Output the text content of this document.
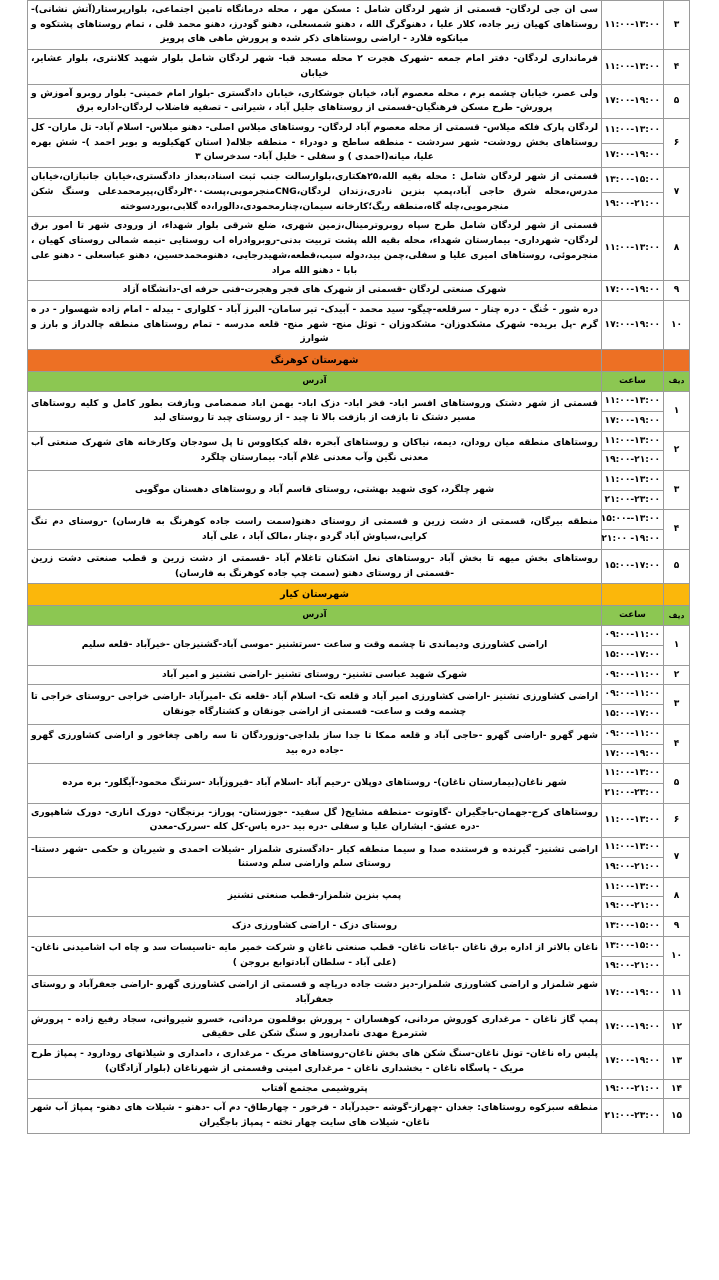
۳	۱۱:۰۰-۱۳:۰۰	سی ان جی لردگان- قسمتی از شهر لردگان شامل : مسکن مهر ، محله درمانگاه تامین اجتماعی، بلوارپرستار(آتش نشانی)-روستاهای کهیان زیر جاده، کلار علیا ، دهنوگرگ الله ، دهنو شمسعلی، دهنو گودرز، دهنو محمد قلی ، تمام روستاهای پشتکوه و میانکوه فلارد - اراضی روستاهای ذکر شده و پرورش ماهی های پرویز
۴	۱۱:۰۰-۱۳:۰۰	فرمانداری لردگان- دفتر امام جمعه -شهرک هجرت ۲ محله مسجد قبا- شهر لردگان شامل بلوار شهید کلانتری، بلوار عشایر، خیابان
۵	۱۷:۰۰-۱۹:۰۰	ولی عصر، خیابان چشمه برم ، محله معصوم آباد، خیابان جوشکاری، خیابان دادگستری -بلوار امام خمینی- بلوار روبرو آموزش و پرورش- طرح مسکن فرهنگیان-قسمتی از روستاهای جلیل آباد ، شیرانی - تصفیه فاضلاب لردگان-اداره برق
۶	۱۱:۰۰-۱۳:۰۰	لردگان پارک فلکه میلاس- قسمتی از محله معصوم آباد لردگان- روستاهای میلاس اصلی- دهنو میلاس- اسلام آباد- تل ماران- کل روستاهای بخش رودشت- شهر سردشت - منطقه ساطح و دودراء - منطقه جلاله( استان کهکیلویه و بویر احمد )- شش بهره علیا، میانه(احمدی ) و سفلی - خلیل آباد- سدخرسان ۳
	۱۷:۰۰-۱۹:۰۰	
۷	۱۳:۰۰-۱۵:۰۰	قسمتی از شهر لردگان شامل : محله بقیه الله،۲۵هکتاری،بلوارسالت جنب ثبت اسناد،بعداز دادگستری،خیابان جانبازان،خیابان مدرس،محله شرق حاجی آباد،پمپ بنزین نادری،زندان لردگان،CNGمنجرموبی،پست۴۰۰لردگان،پیرمحمدعلی وسنگ شکن منجرمویی،چله گاه،منطقه ریگ؛کارخانه سیمان،چنارمحمودی،دالورا،ده گلابی،بوردسوخته
	۱۹:۰۰-۲۱:۰۰	
۸	۱۱:۰۰-۱۳:۰۰	قسمتی از شهر لردگان شامل طرح سپاه روبروترمینال،زمین شهری، ضلع شرقی بلوار شهداء، از ورودی شهر تا امور برق لردگان- شهرداری- بیمارستان شهداء، محله بقیه الله پشت تربیت بدنی-روبروادراه اب روستایی -نیمه شمالی روستای کهیان ، منجرموئی، روستاهای امیری علیا و سفلی،چمن بید،دوله سیب،قطعه،شهیدرجایی، دهنومحمدحسین، دهنو عباسعلی - دهنو علی بابا - دهنو الله مراد
۹	۱۷:۰۰-۱۹:۰۰	شهرک صنعتی لردگان -قسمتی از شهرک های فجر وهجرت-فنی حرفه ای-دانشگاه آزاد
۱۰	۱۷:۰۰-۱۹:۰۰	دره شور - خُنگ - دره چنار - سرقلعه-چیگو- سید محمد - آبیدک- تیر سامان- البرز آباد - کلواری - بیدله - امام زاده شهسوار - در ه گرم -پل بریده- شهرک مشکدوزان- مشکدوزان - توئل منج- شهر منج- قلعه مدرسه - تمام روستاهای منطقه چالدراز و بارز و شوارز
		شهرستان کوهرنگ
دیف	ساعت	آدرس
۱	۱۱:۰۰-۱۳:۰۰	قسمتی از شهر دشتک وروستاهای افسر اباد- فخر اباد- دزک اباد- بهمن اباد صمصامی وبازفت بطور کامل و کلیه روستاهای مسیر دشتک تا بازفت از بازفت بالا تا چبد - از روستای چبد تا روستای لبد
	۱۷:۰۰-۱۹:۰۰	
۲	۱۱:۰۰-۱۳:۰۰	روستاهای منطقه میان رودان، دیمه، نیاکان و روستاهای آبحره ،قله کیکاووس تا پل سودجان وکارخانه های شهرک صنعتی آب معدنی نگین وآب معدنی غلام آباد- بیمارستان چلگرد
	۱۹:۰۰-۲۱:۰۰	
۳	۱۱:۰۰-۱۳:۰۰	شهر چلگرد، کوی شهید بهشتی، روستای قاسم آباد و روستاهای دهستان موگویی
	۲۱:۰۰-۲۳:۰۰	
۴	۱۳:۰۰--۱۵:۰۰	منطقه بیرگان، قسمتی از دشت زرین و قسمتی از روستای دهنو(سمت راست جاده کوهرنگ به فارسان) -روستای دم تنگ کرایی،سیاوش آباد گردو ،چنار ،مالک آباد ، علی آباد
	۱۹:۰۰- ۲۱:۰۰	
۵	۱۵:۰۰-۱۷:۰۰	روستاهای بخش میهه تا بخش آباد -روستاهای نعل اشکنان تاغلام آباد -قسمتی از دشت زرین و قطب صنعتی دشت زرین -قسمتی از روستای دهنو (سمت چپ جاده کوهرنگ به فارسان)
		شهرستان کیار
دیف	ساعت	آدرس
۱	۰۹:۰۰-۱۱:۰۰	اراضی کشاورزی ودیماندی تا چشمه وقت و ساعت -سرتشنیز -موسی آباد-گشنیزجان -خیرآباد -قلعه سلیم
	۱۵:۰۰-۱۷:۰۰	
۲	۰۹:۰۰-۱۱:۰۰	شهرک شهید عباسی تشنیز- روستای تشنیز -اراضی تشنیز و امیر آباد
۳	۰۹:۰۰-۱۱:۰۰	اراضی کشاورزی تشنیز -اراضی کشاورزی امیر آباد و قلعه تک- اسلام آباد -قلعه تک -امیرآباد -اراضی خراجی -روستای خراجی تا چشمه وقت و ساعت- قسمتی از اراضی جونقان و کشتارگاه جونقان
	۱۵:۰۰-۱۷:۰۰	
۴	۰۹:۰۰-۱۱:۰۰	شهر گهرو -اراضی گهرو -حاجی آباد و قلعه ممکا تا جدا ساز بلداجی-وزوردگان تا سه راهی چغاخور و اراضی کشاورزی گهرو -جاده دره بید
	۱۷:۰۰-۱۹:۰۰	
۵	۱۱:۰۰-۱۳:۰۰	شهر ناغان(بیمارستان ناغان)- روستاهای دوپلان -رحیم آباد -اسلام آباد -فیروزآباد -سرتنگ محمود-آیگلور- بره مرده
	۲۱:۰۰-۲۳:۰۰	
۶	۱۱:۰۰-۱۳:۰۰	روستاهای کرج-جهمان-باجگیران -گاوتوت -منطقه مشایخ( گل سفید- -جوزستان- پوراز- برنجگان- دورک اناری- دورک شاهپوری -دره عشق- ابشاران علیا و سفلی -دره بید -دره یاس-کل کله -سررک-معدن
۷	۱۱:۰۰-۱۳:۰۰	اراضی تشنیز- گیرنده و فرستنده صدا و سیما منطقه کیار -دادگستری شلمزار -شیلات احمدی و شیریان و حکمی -شهر دستنا- روستای سلم واراضی سلم ودستنا
	۱۹:۰۰-۲۱:۰۰	
۸	۱۱:۰۰-۱۳:۰۰	پمپ بنزین شلمزار-قطب صنعتی تشنیز
	۱۹:۰۰-۲۱:۰۰	
۹	۱۳:۰۰-۱۵:۰۰	روستای دزک - اراضی کشاورزی دزک
۱۰	۱۳:۰۰-۱۵:۰۰	ناغان بالاتر از اداره برق ناغان -باغات ناغان- قطب صنعتی ناغان و شرکت خمیر مایه -تاسیسات سد و چاه اب اشامیدنی ناغان- (علی آباد - سلطان آبادتوابع بروجن )
	۱۹:۰۰-۲۱:۰۰	
۱۱	۱۷:۰۰-۱۹:۰۰	شهر شلمزار و اراضی کشاورزی شلمزار-دیز دشت جاده دریاچه و قسمتی از اراضی کشاورزی گهرو -اراضی جعفرآباد و روستای جعفرآباد
۱۲	۱۷:۰۰-۱۹:۰۰	پمپ گاز ناغان - مرغداری کوروش مردانی، کوهساران - پرورش بوقلمون مردانی، خسرو شیروانی، سجاد رفیع زاده - پرورش شترمرغ مهدی نامدارپور و سنگ شکن علی حقیقی
۱۳	۱۷:۰۰-۱۹:۰۰	پلیس راه ناغان- تونل ناغان-سنگ شکن های بخش ناغان-روستاهای مریک - مرغداری ، دامداری و شیلاتهای رودارود - پمپاژ طرح مریک - پاسگاه ناغان - بخشداری ناغان - مرغداری امینی وقسمتی از شهرناغان (بلوار آزادگان)
۱۴	۱۹:۰۰-۲۱:۰۰	پتروشیمی مجتمع آفتاب
۱۵	۲۱:۰۰-۲۳:۰۰	منطقه سبزکوه روستاهای: جغدان -چهراز-گوشه -حیدرآباد - فرخور - چهارطاق- دم آب -دهنو - شیلات های دهنو- پمپاژ آب شهر ناغان- شیلات های سایت چهار تخته - پمپاژ باجگیران
